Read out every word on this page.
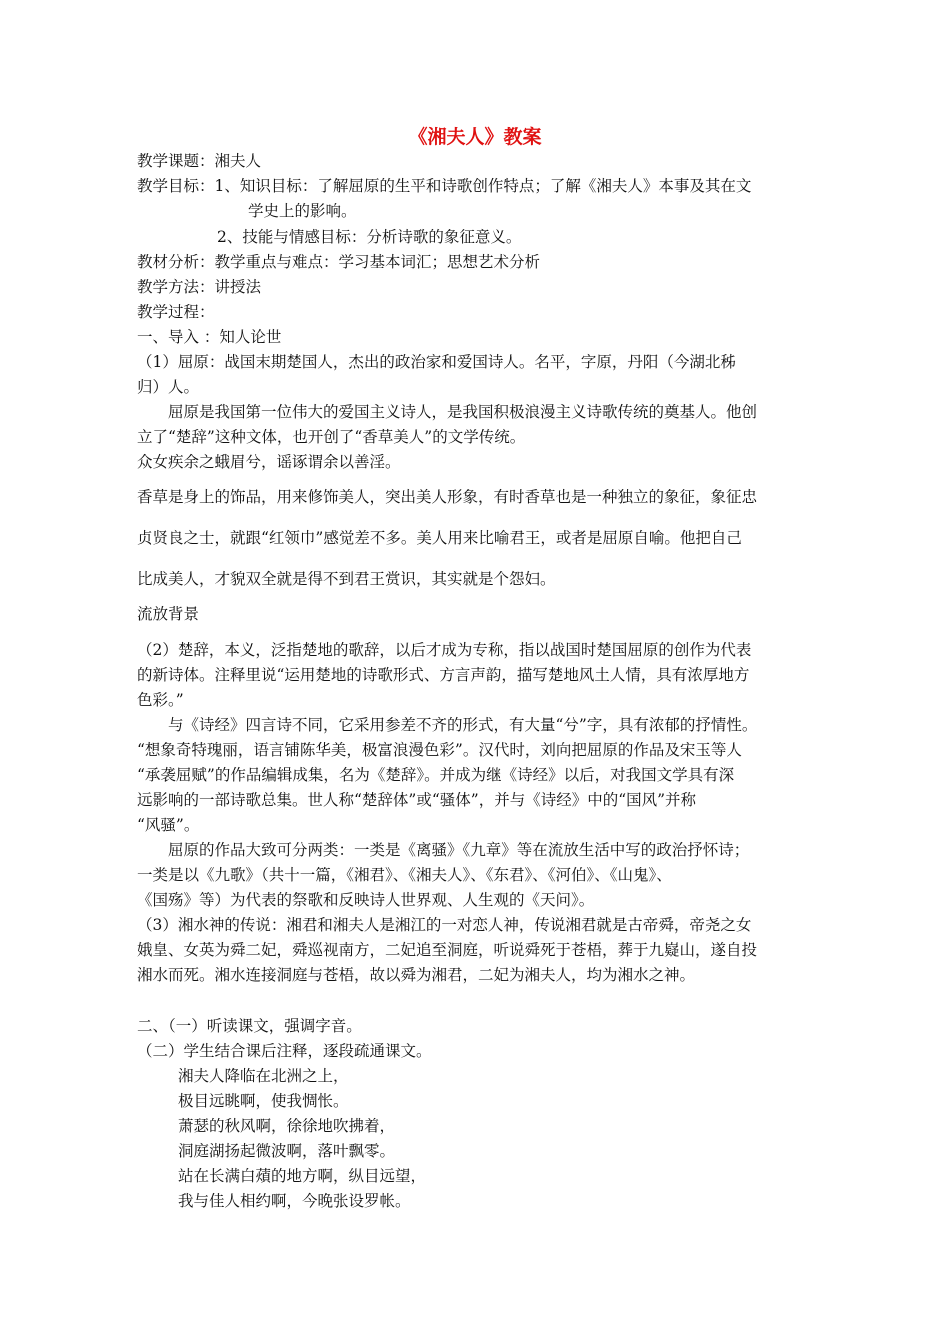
《湘夫人》教案
教学课题：湘夫人
教学目标：1、知识目标：了解屈原的生平和诗歌创作特点；了解《湘夫人》本事及其在文
学史上的影响。
2、技能与情感目标：分析诗歌的象征意义。
教材分析：教学重点与难点：学习基本词汇；思想艺术分析
教学方法：讲授法
教学过程：
一、导入 ：知人论世
（1）屈原：战国末期楚国人，杰出的政治家和爱国诗人。名平，字原，丹阳（今湖北秭
归）人。
屈原是我国第一位伟大的爱国主义诗人，是我国积极浪漫主义诗歌传统的奠基人。他创
立了“楚辞”这种文体，也开创了“香草美人”的文学传统。
众女疾余之蛾眉兮，谣诼谓余以善淫。
香草是身上的饰品，用来修饰美人，突出美人形象，有时香草也是一种独立的象征，象征忠
贞贤良之士，就跟“红领巾”感觉差不多。美人用来比喻君王，或者是屈原自喻。他把自己
比成美人，才貌双全就是得不到君王赏识，其实就是个怨妇。
流放背景
（2）楚辞，本义，泛指楚地的歌辞，以后才成为专称，指以战国时楚国屈原的创作为代表
的新诗体。注释里说“运用楚地的诗歌形式、方言声韵，描写楚地风土人情，具有浓厚地方
色彩。”
与《诗经》四言诗不同，它采用参差不齐的形式，有大量“兮”字，具有浓郁的抒情性。
“想象奇特瑰丽，语言铺陈华美，极富浪漫色彩”。汉代时，刘向把屈原的作品及宋玉等人
“承袭屈赋”的作品编辑成集，名为《楚辞》。并成为继《诗经》以后，对我国文学具有深
远影响的一部诗歌总集。世人称“楚辞体”或“骚体”，并与《诗经》中的“国风”并称
“风骚”。
屈原的作品大致可分两类：一类是《离骚》《九章》等在流放生活中写的政治抒怀诗；
一类是以《九歌》（共十一篇，《湘君》、《湘夫人》、《东君》、《河伯》、《山鬼》、
《国殇》等）为代表的祭歌和反映诗人世界观、人生观的《天问》。
（3）湘水神的传说：湘君和湘夫人是湘江的一对恋人神，传说湘君就是古帝舜，帝尧之女
娥皇、女英为舜二妃，舜巡视南方，二妃追至洞庭，听说舜死于苍梧，葬于九嶷山，遂自投
湘水而死。湘水连接洞庭与苍梧，故以舜为湘君，二妃为湘夫人，均为湘水之神。
二、（一）听读课文，强调字音。
（二）学生结合课后注释，逐段疏通课文。
湘夫人降临在北洲之上，
极目远眺啊，使我惆怅。
萧瑟的秋风啊，徐徐地吹拂着，
洞庭湖扬起微波啊，落叶飘零。
站在长满白薠的地方啊，纵目远望，
我与佳人相约啊，今晚张设罗帐。
